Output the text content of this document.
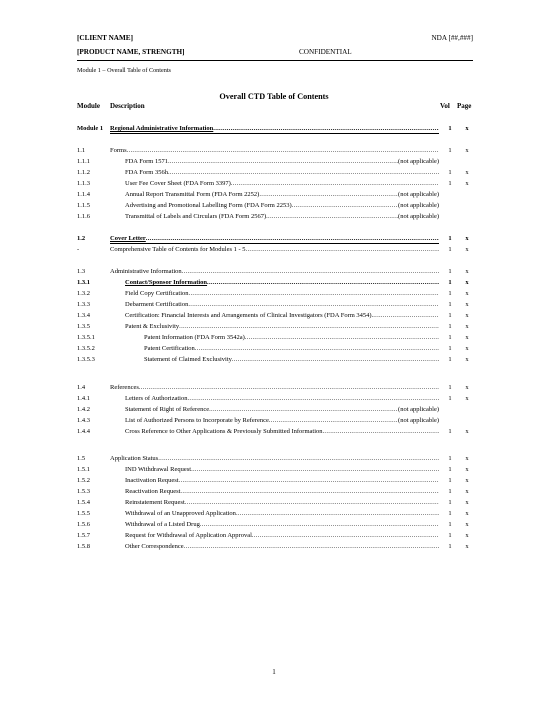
[CLIENT NAME]	NDA [##,###]
[PRODUCT NAME, STRENGTH]	CONFIDENTIAL
Module 1 – Overall Table of Contents
Overall CTD Table of Contents
Module Description	Vol Page
Module 1 Regional Administrative Information .....	1	x
1.1	Forms .....	1	x
1.1.1	FDA Form 1571 .....	(not applicable)
1.1.2	FDA Form 356h .....	1	x
1.1.3	User Fee Cover Sheet (FDA Form 3397) .....	1	x
1.1.4	Annual Report Transmittal Form (FDA Form 2252) .....	(not applicable)
1.1.5	Advertising and Promotional Labelling Form (FDA Form 2253) .....	(not applicable)
1.1.6	Transmittal of Labels and Circulars (FDA Form 2567) .....	(not applicable)
1.2	Cover Letter .....	1	x
-	Comprehensive Table of Contents for Modules 1 - 5 .....	1	x
1.3	Administrative Information .....	1	x
1.3.1	Contact/Sponsor Information .....	1	x
1.3.2	Field Copy Certification .....	1	x
1.3.3	Debarment Certification .....	1	x
1.3.4	Certification: Financial Interests and Arrangements of Clinical Investigators (FDA Form 3454). .....	1	x
1.3.5	Patent & Exclusivity .....	1	x
1.3.5.1	Patent Information (FDA Form 3542a) .....	1	x
1.3.5.2	Patent Certification .....	1	x
1.3.5.3	Statement of Claimed Exclusivity .....	1	x
1.4	References .....	1	x
1.4.1	Letters of Authorization .....	1	x
1.4.2	Statement of Right of Reference .....	(not applicable)
1.4.3	List of Authorized Persons to Incorporate by Reference .....	(not applicable)
1.4.4	Cross Reference to Other Applications & Previously Submitted Information .....	1	x
1.5	Application Status .....	1	x
1.5.1	IND Withdrawal Request .....	1	x
1.5.2	Inactivation Request .....	1	x
1.5.3	Reactivation Request .....	1	x
1.5.4	Reinstatement Request .....	1	x
1.5.5	Withdrawal of an Unapproved Application .....	1	x
1.5.6	Withdrawal of a Listed Drug .....	1	x
1.5.7	Request for Withdrawal of Application Approval .....	1	x
1.5.8	Other Correspondence .....	1	x
1
